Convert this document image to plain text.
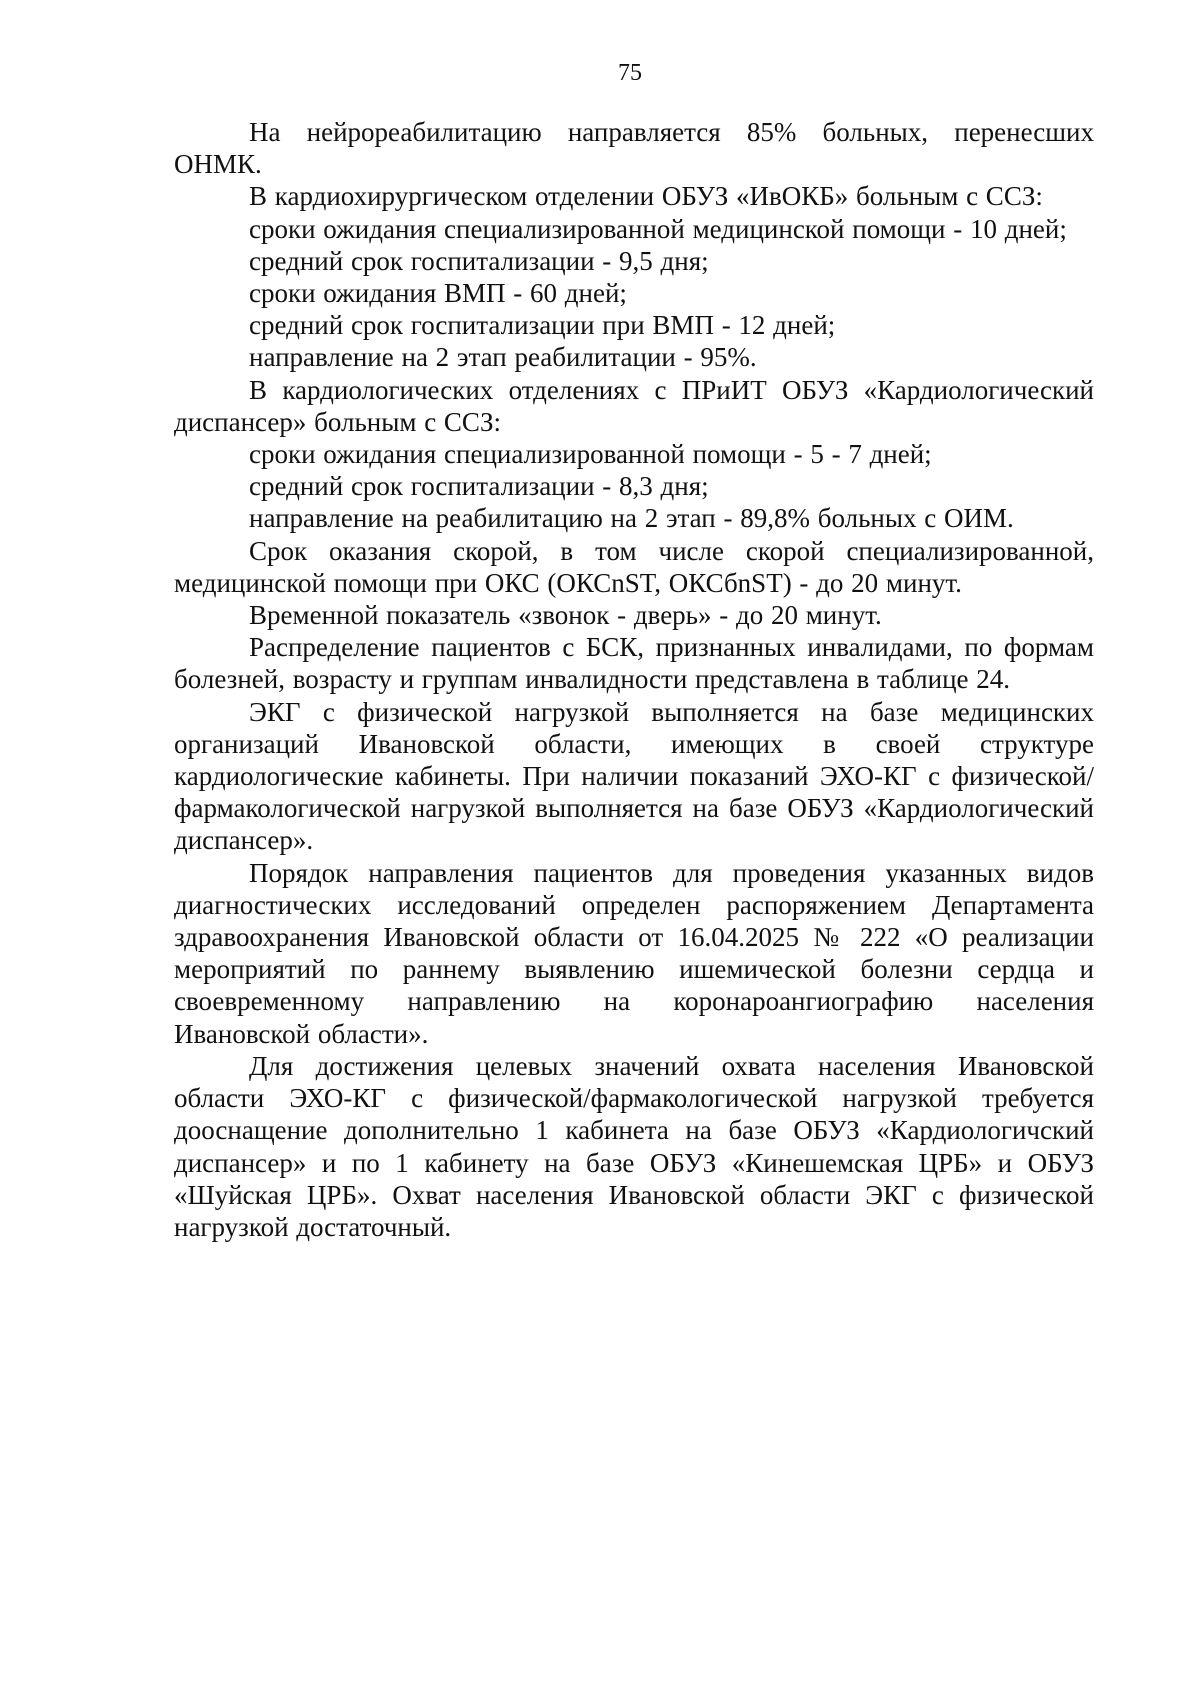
75

На нейрореабилитацию направляется 85% больных, перенесших ОНМК.

В кардиохирургическом отделении ОБУЗ «ИвОКБ» больным с ССЗ:

сроки ожидания специализированной медицинской помощи - 10 дней;

средний срок госпитализации - 9,5 дня;

сроки ожидания ВМП - 60 дней;

средний срок госпитализации при ВМП - 12 дней;

направление на 2 этап реабилитации - 95%.

В кардиологических отделениях с ПРиИТ ОБУЗ «Кардиологический диспансер» больным с ССЗ:

сроки ожидания специализированной помощи - 5 - 7 дней;

средний срок госпитализации - 8,3 дня;

направление на реабилитацию на 2 этап - 89,8% больных с ОИМ.

Срок оказания скорой, в том числе скорой специализированной, медицинской помощи при ОКС (ОКСnST, ОКСбnST) - до 20 минут.

Временной показатель «звонок - дверь» - до 20 минут.

Распределение пациентов с БСК, признанных инвалидами, по формам болезней, возрасту и группам инвалидности представлена в таблице 24.

ЭКГ с физической нагрузкой выполняется на базе медицинских организаций Ивановской области, имеющих в своей структуре кардиологические кабинеты. При наличии показаний ЭХО-КГ с физической/фармакологической нагрузкой выполняется на базе ОБУЗ «Кардиологический диспансер».

Порядок направления пациентов для проведения указанных видов диагностических исследований определен распоряжением Департамента здравоохранения Ивановской области от 16.04.2025 № 222 «О реализации мероприятий по раннему выявлению ишемической болезни сердца и своевременному направлению на коронароангиографию населения Ивановской области».

Для достижения целевых значений охвата населения Ивановской области ЭХО-КГ с физической/фармакологической нагрузкой требуется дооснащение дополнительно 1 кабинета на базе ОБУЗ «Кардиологичский диспансер» и по 1 кабинету на базе ОБУЗ «Кинешемская ЦРБ» и ОБУЗ «Шуйская ЦРБ». Охват населения Ивановской области ЭКГ с физической нагрузкой достаточный.
